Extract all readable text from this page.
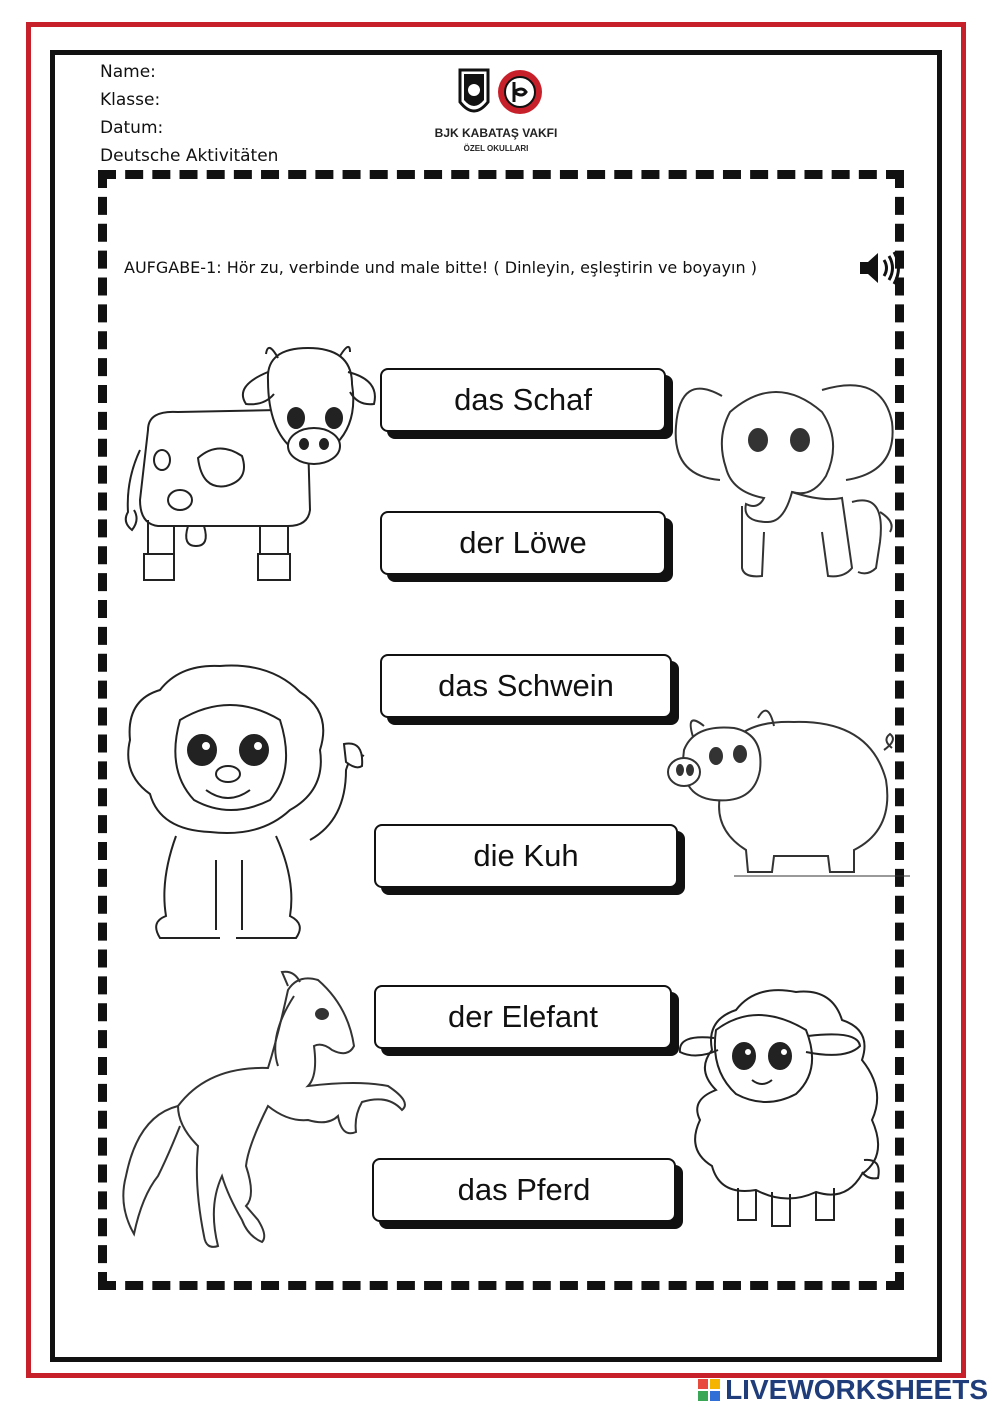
Name:
Klasse:
Datum:
Deutsche Aktivitäten
BJK KABATAŞ VAKFI
ÖZEL OKULLARI
AUFGABE-1: Hör zu, verbinde und male bitte! ( Dinleyin, eşleştirin ve boyayın )
das Schaf
der Löwe
das Schwein
die Kuh
der Elefant
das Pferd
LIVEWORKSHEETS
